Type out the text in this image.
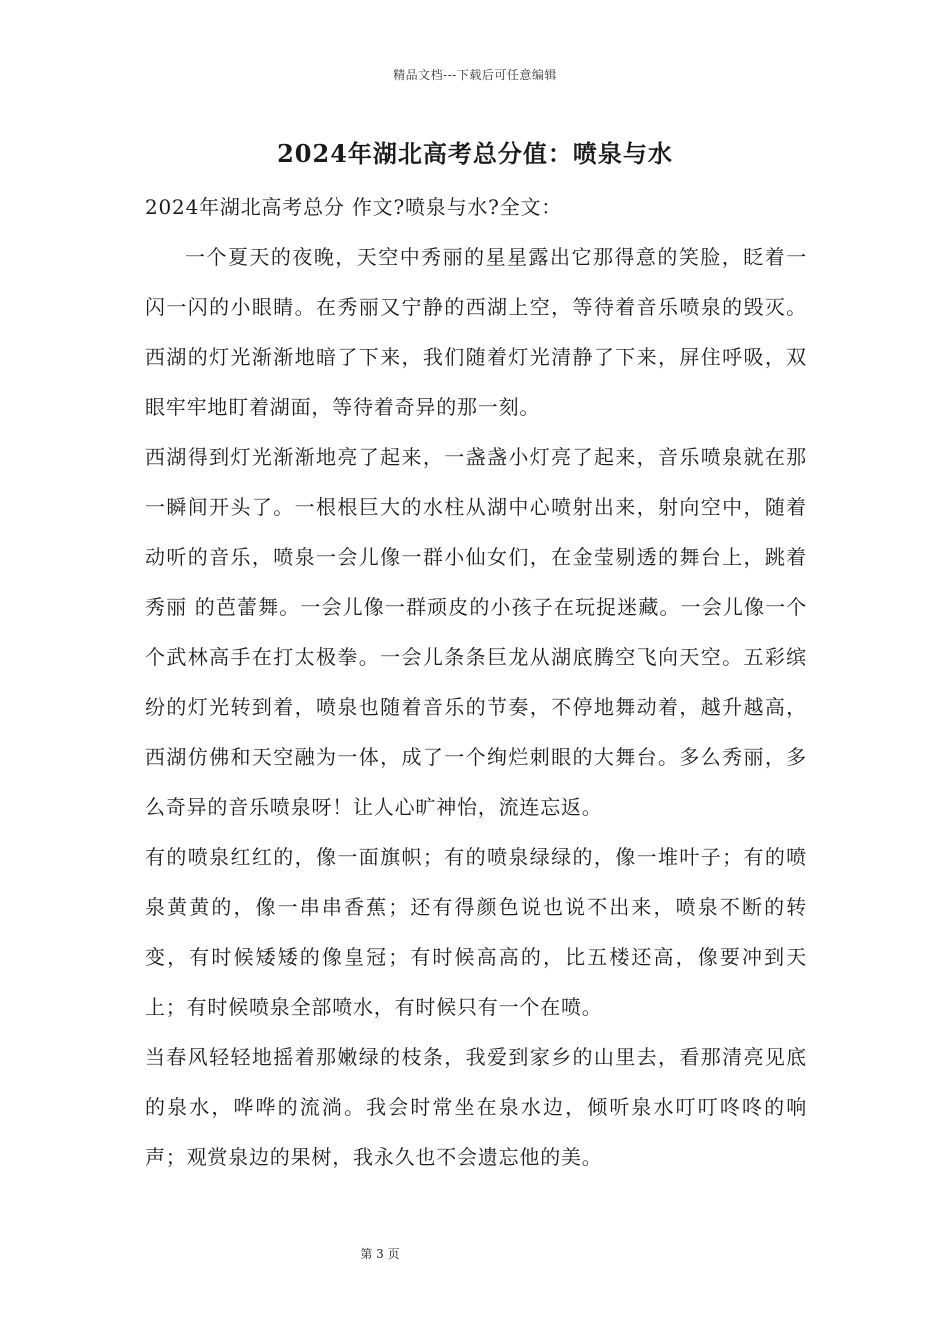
精品文档---下载后可任意编辑
2024年湖北高考总分值：喷泉与水

2024年湖北高考总分 作文?喷泉与水?全文：

一个夏天的夜晚，天空中秀丽的星星露出它那得意的笑脸，眨着一闪一闪的小眼睛。在秀丽又宁静的西湖上空，等待着音乐喷泉的毁灭。西湖的灯光渐渐地暗了下来，我们随着灯光清静了下来，屏住呼吸，双眼牢牢地盯着湖面，等待着奇异的那一刻。

西湖得到灯光渐渐地亮了起来，一盏盏小灯亮了起来，音乐喷泉就在那一瞬间开头了。一根根巨大的水柱从湖中心喷射出来，射向空中，随着动听的音乐，喷泉一会儿像一群小仙女们，在金莹剔透的舞台上，跳着秀丽 的芭蕾舞。一会儿像一群顽皮的小孩子在玩捉迷藏。一会儿像一个个武林高手在打太极拳。一会儿条条巨龙从湖底腾空飞向天空。五彩缤纷的灯光转到着，喷泉也随着音乐的节奏，不停地舞动着，越升越高，西湖仿佛和天空融为一体，成了一个绚烂刺眼的大舞台。多么秀丽，多么奇异的音乐喷泉呀！让人心旷神怡，流连忘返。

有的喷泉红红的，像一面旗帜；有的喷泉绿绿的，像一堆叶子；有的喷泉黄黄的，像一串串香蕉；还有得颜色说也说不出来，喷泉不断的转变，有时候矮矮的像皇冠；有时候高高的，比五楼还高，像要冲到天上；有时候喷泉全部喷水，有时候只有一个在喷。

当春风轻轻地摇着那嫩绿的枝条，我爱到家乡的山里去，看那清亮见底的泉水，哗哗的流淌。我会时常坐在泉水边，倾听泉水叮叮咚咚的响声；观赏泉边的果树，我永久也不会遗忘他的美。

第 3 页
